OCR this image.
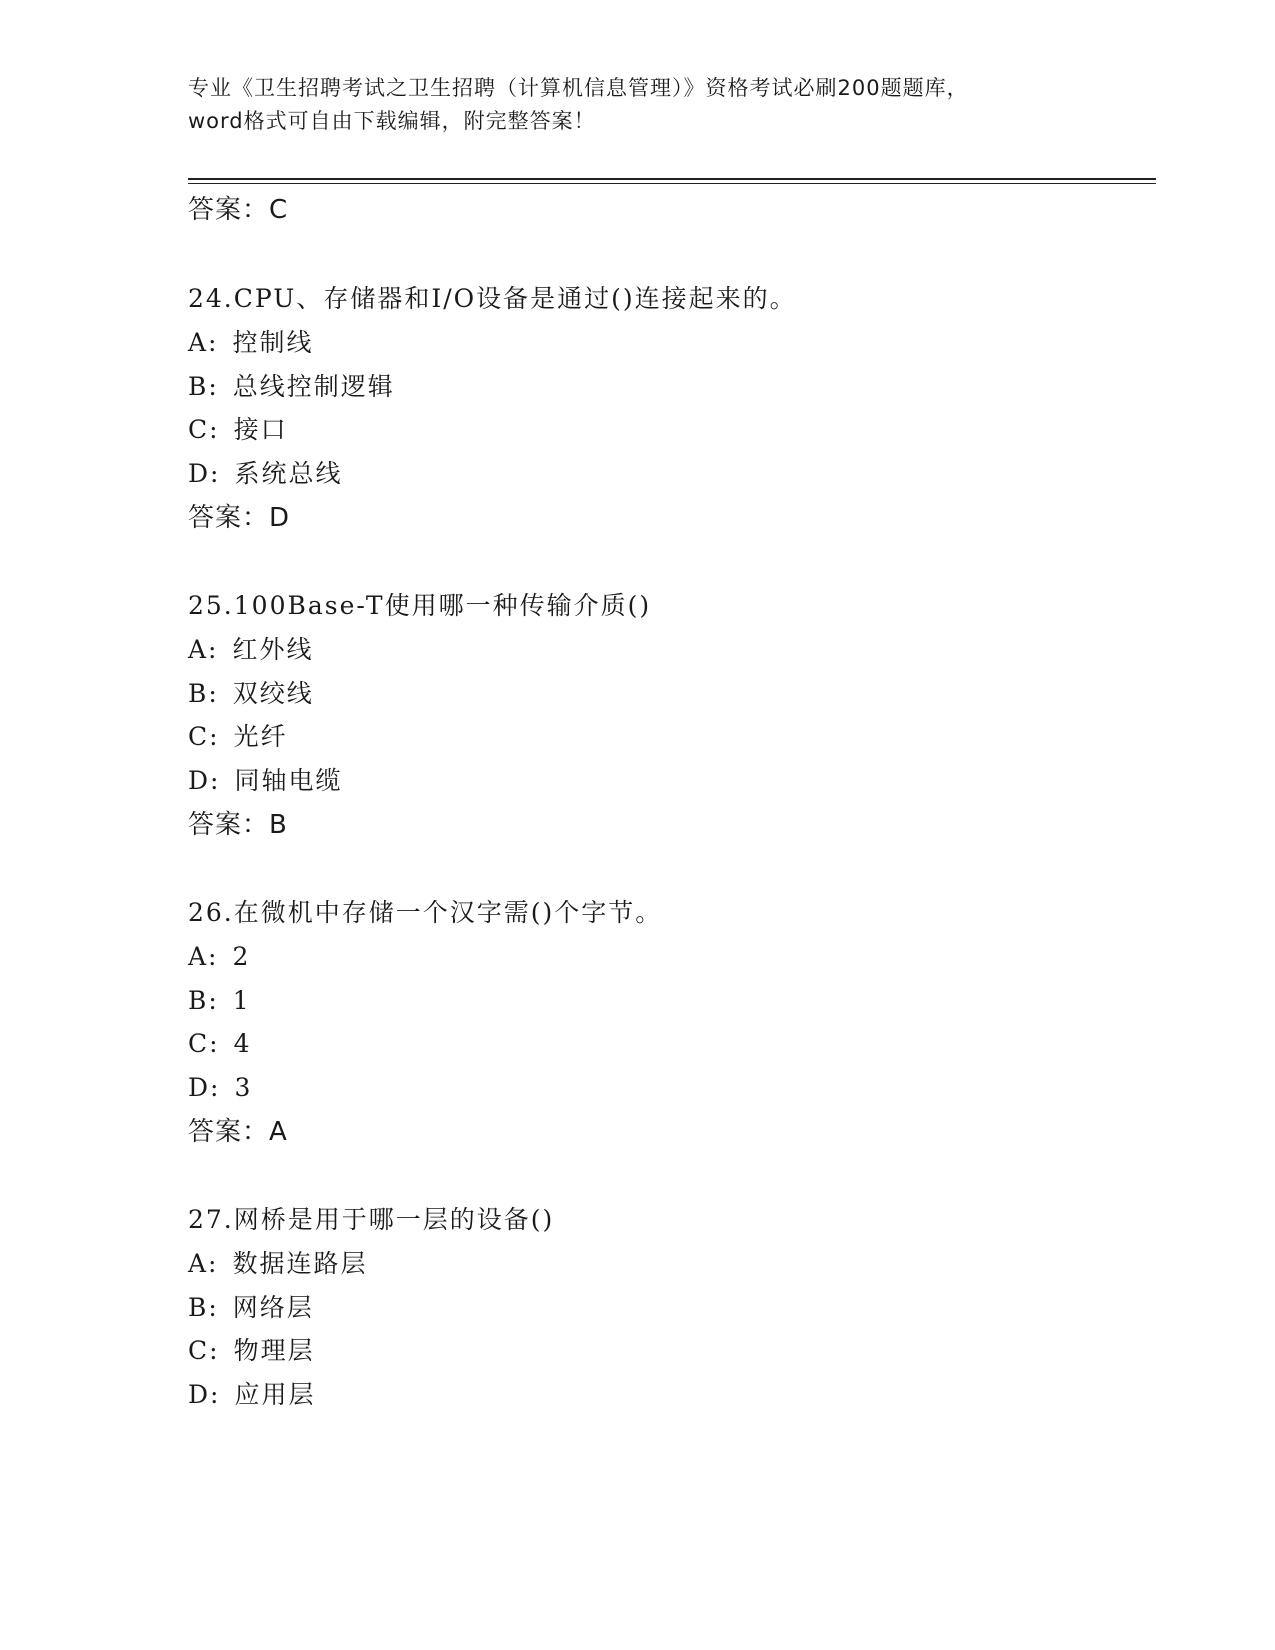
专业《卫生招聘考试之卫生招聘（计算机信息管理）》资格考试必刷200题题库，
word格式可自由下载编辑，附完整答案！
答案：C
24.CPU、存储器和I/O设备是通过()连接起来的。
A: 控制线
B: 总线控制逻辑
C: 接口
D: 系统总线
答案：D
25.100Base-T使用哪一种传输介质()
A: 红外线
B: 双绞线
C: 光纤
D: 同轴电缆
答案：B
26.在微机中存储一个汉字需()个字节。
A: 2
B: 1
C: 4
D: 3
答案：A
27.网桥是用于哪一层的设备()
A: 数据连路层
B: 网络层
C: 物理层
D: 应用层
